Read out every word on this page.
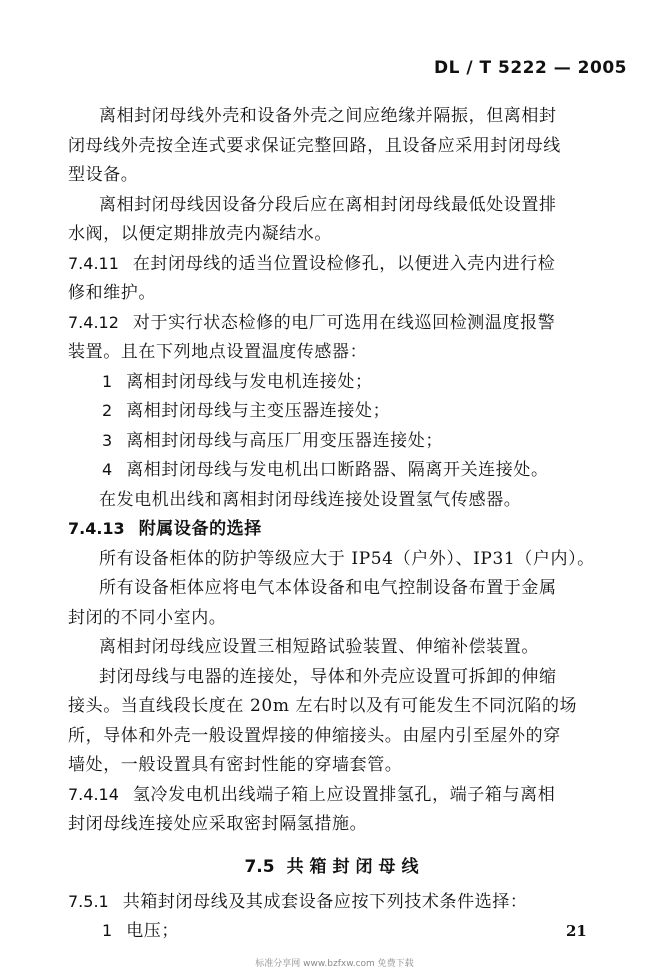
DL / T 5222 — 2005
离相封闭母线外壳和设备外壳之间应绝缘并隔振，但离相封
闭母线外壳按全连式要求保证完整回路，且设备应采用封闭母线
型设备。
离相封闭母线因设备分段后应在离相封闭母线最低处设置排
水阀，以便定期排放壳内凝结水。
7.4.11 在封闭母线的适当位置设检修孔，以便进入壳内进行检
修和维护。
7.4.12 对于实行状态检修的电厂可选用在线巡回检测温度报警
装置。且在下列地点设置温度传感器：
1 离相封闭母线与发电机连接处；
2 离相封闭母线与主变压器连接处；
3 离相封闭母线与高压厂用变压器连接处；
4 离相封闭母线与发电机出口断路器、隔离开关连接处。
在发电机出线和离相封闭母线连接处设置氢气传感器。
7.4.13 附属设备的选择
所有设备柜体的防护等级应大于 IP54（户外）、IP31（户内）。
所有设备柜体应将电气本体设备和电气控制设备布置于金属
封闭的不同小室内。
离相封闭母线应设置三相短路试验装置、伸缩补偿装置。
封闭母线与电器的连接处，导体和外壳应设置可拆卸的伸缩
接头。当直线段长度在 20m 左右时以及有可能发生不同沉陷的场
所，导体和外壳一般设置焊接的伸缩接头。由屋内引至屋外的穿
墙处，一般设置具有密封性能的穿墙套管。
7.4.14 氢冷发电机出线端子箱上应设置排氢孔，端子箱与离相
封闭母线连接处应采取密封隔氢措施。
7.5 共箱封闭母线
7.5.1 共箱封闭母线及其成套设备应按下列技术条件选择：
1 电压；	21
标准分享网 www.bzfxw.com 免费下载
